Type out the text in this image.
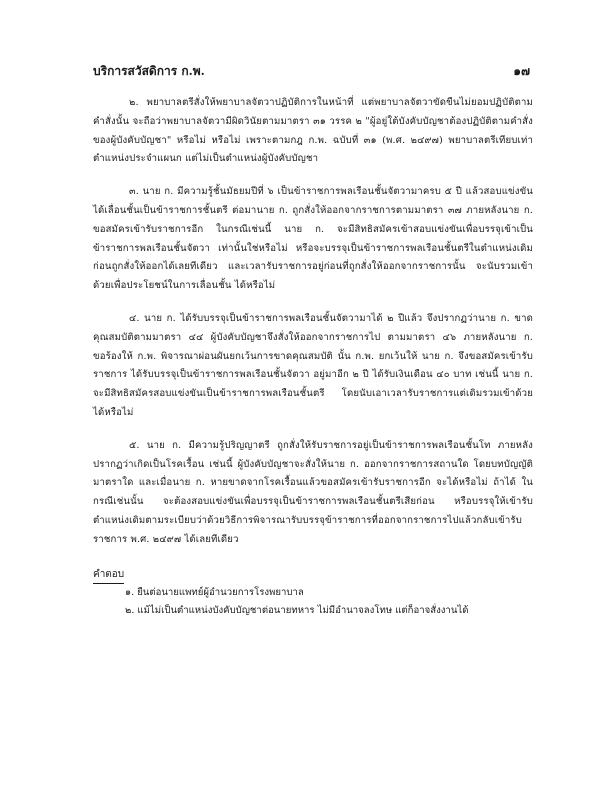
บริการสวัสดิการ ก.พ.	๑๗

๒. พยาบาลตรีสั่งให้พยาบาลจัตวาปฏิบัติการในหน้าที่ แต่พยาบาลจัตวาขัดขืนไม่ยอมปฏิบัติตามคำสั่งนั้น จะถือว่าพยาบาลจัตวามีผิดวินัยตามมาตรา ๓๑ วรรค ๒ "ผู้อยู่ใต้บังคับบัญชาต้องปฏิบัติตามคำสั่งของผู้บังคับบัญชา" หรือไม่ หรือไม่ เพราะตามกฎ ก.พ. ฉบับที่ ๓๑ (พ.ศ. ๒๔๙๗) พยาบาลตรีเทียบเท่าตำแหน่งประจำแผนก แต่ไม่เป็นตำแหน่งผู้บังคับบัญชา

๓. นาย ก. มีความรู้ชั้นมัธยมปีที่ ๖ เป็นข้าราชการพลเรือนชั้นจัตวามาครบ ๕ ปี แล้วสอบแข่งขันได้เลื่อนชั้นเป็นข้าราชการชั้นตรี ต่อมานาย ก. ถูกสั่งให้ออกจากราชการตามมาตรา ๓๗ ภายหลังนาย ก. ขอสมัครเข้ารับราชการอีก ในกรณีเช่นนี้ นาย ก. จะมีสิทธิสมัครเข้าสอบแข่งขันเพื่อบรรจุเข้าเป็นข้าราชการพลเรือนชั้นจัตวา เท่านั้นใช่หรือไม่ หรือจะบรรจุเป็นข้าราชการพลเรือนชั้นตรีในตำแหน่งเดิมก่อนถูกสั่งให้ออกได้เลยทีเดียว และเวลารับราชการอยู่ก่อนที่ถูกสั่งให้ออกจากราชการนั้น จะนับรวมเข้าด้วยเพื่อประโยชน์ในการเลื่อนชั้น ได้หรือไม่

๔. นาย ก. ได้รับบรรจุเป็นข้าราชการพลเรือนชั้นจัตวามาได้ ๒ ปีแล้ว จึงปรากฏว่านาย ก. ขาดคุณสมบัติตามมาตรา ๔๔ ผู้บังคับบัญชาจึงสั่งให้ออกจากราชการไป ตามมาตรา ๔๖ ภายหลังนาย ก. ขอร้องให้ ก.พ. พิจารณาผ่อนผันยกเว้นการขาดคุณสมบัติ นั้น ก.พ. ยกเว้นให้ นาย ก. จึงขอสมัครเข้ารับราชการ ได้รับบรรจุเป็นข้าราชการพลเรือนชั้นจัตวา อยู่มาอีก ๒ ปี ได้รับเงินเดือน ๔๐ บาท เช่นนี้ นาย ก. จะมีสิทธิสมัครสอบแข่งขันเป็นข้าราชการพลเรือนชั้นตรี โดยนับเอาเวลารับราชการแต่เดิมรวมเข้าด้วย ได้หรือไม่

๕. นาย ก. มีความรู้ปริญญาตรี ถูกสั่งให้รับราชการอยู่เป็นข้าราชการพลเรือนชั้นโท ภายหลังปรากฏว่าเกิดเป็นโรคเรื้อน เช่นนี้ ผู้บังคับบัญชาจะสั่งให้นาย ก. ออกจากราชการสถานใด โดยบทบัญญัติมาตราใด และเมื่อนาย ก. หายขาดจากโรคเรื้อนแล้วขอสมัครเข้ารับราชการอีก จะได้หรือไม่ ถ้าได้ ในกรณีเช่นนั้น จะต้องสอบแข่งขันเพื่อบรรจุเป็นข้าราชการพลเรือนชั้นตรีเสียก่อน หรือบรรจุให้เข้ารับตำแหน่งเดิมตามระเบียบว่าด้วยวิธีการพิจารณารับบรรจุข้าราชการที่ออกจากราชการไปแล้วกลับเข้ารับราชการ พ.ศ. ๒๔๙๗ ได้เลยทีเดียว

คำตอบ

๑. ยืนต่อนายแพทย์ผู้อำนวยการโรงพยาบาล

๒. แม้ไม่เป็นตำแหน่งบังคับบัญชาต่อนายทหาร ไม่มีอำนาจลงโทษ แต่ก็อาจสั่งงานได้
